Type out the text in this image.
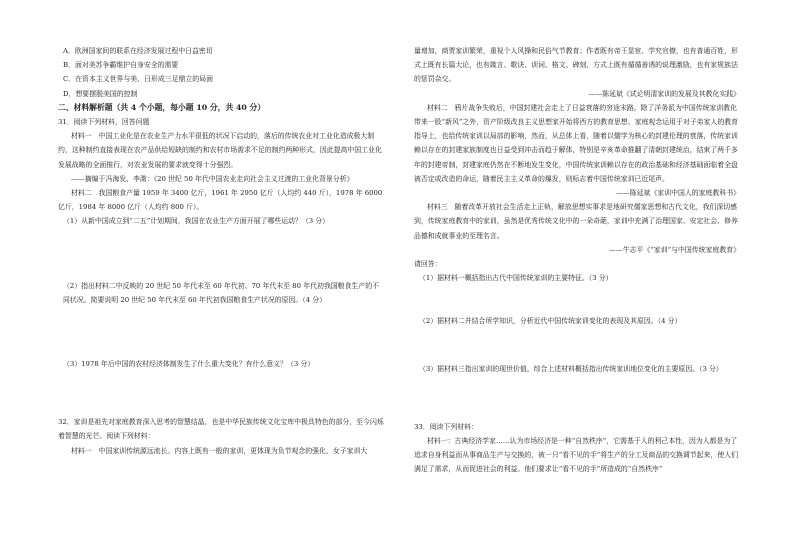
A．欧洲国家间的联系在经济发展过程中日益密切

B．面对美苏争霸维护自身安全的需要

C．在资本主义世界与美、日形成三足鼎立的局面

D．想要摆脱美国的控制

二、材料解析题（共 4 个小题，每小题 10 分，共 40 分）

31．阅读下列材料，回答问题

材料一　中国工业化是在农业生产力水平很低的状况下启动的，落后的传统农业对工业化造成极大制约，这种制约直接表现在农产品供给短缺的制约和农村市场需求不足的制约两种形式，因此提高中国工业化发展战略的全面推行，对农业发展的要求就变得十分强烈。

——摘编于冯海发、李溦：《20 世纪 50 年代中国农业走向社会主义过渡的工业化背景分析》

材料二　我国粮食产量 1959 年 3400 亿斤，1961 年 2950 亿斤（人均约 440 斤），1978 年 6000 亿斤，1984 年 8000 亿斤（人均约 800 斤）。

（1）从新中国成立到“二五”计划期间，我国在农业生产方面开展了哪些运动？（3 分）

（2）指出材料二中反映的 20 世纪 50 年代末至 60 年代初、70 年代末至 80 年代初我国粮食生产的不同状况。简要说明 20 世纪 50 年代末至 60 年代初我国粮食生产状况的原因。（4 分）

（3）1978 年后中国的农村经济体制发生了什么重大变化？有什么意义？（3 分）

32．家训是祖先对家庭教育深入思考的智慧结晶，也是中华民族传统文化宝库中极具特色的部分，至今闪烁着智慧的光芒。阅读下列材料：

材料一　中国家训传统源远流长。内容上既有一般的家训，更体现为负节观念的强化，女子家训大

量增加，商贾家训繁荣，重视个人风操和民俗气节教育；作者既有帝王显宦、学究官僚，也有普通百姓，形式上既有长篇大论，也有箴言、歌诀、训词、格文、碑刻，方式上既有循循善诱的说理激励，也有家规族法的惩罚杂交。

——陈延斌《试论明清家训的发展及其教化实践》

材料二　鸦片战争失败后，中国封建社会走上了日益衰落的穷途末路。除了洋务派为中国传统家训教化带来一股“新风”之外，资产阶级改良主义思想家开始将西方的教育思想、家庭观念运用于对子弟家人的教育指导上，也给传统家训以局部的影响，然而，从总体上看，随着以儒学为核心的封建伦理的衰落，传统家训赖以存在的封建家族制度也日益受到冲击而趋于解体，特别是辛亥革命推翻了清朝封建统治，结束了两千多年的封建帝制，封建家庭仍然在不断地发生变化，中国传统家训赖以存在的政治基础和经济基础面临着全盘被否定或改造的命运，随着民主主义革命的爆发，则标志着中国传统家训已近尾声。

——陈延斌《家训中国人的家庭教科书》

材料三　随着改革开放社会生活走上正轨，解放思想实事求是地研究儒家思想和古代文化，我们深切感到，传统家庭教育中的家训，虽然是优秀传统文化中的一朵奇葩，家训中充满了治理国家、安定社会、修养品德和成就事业的至理名言。

——牛志平《“家训”与中国传统家庭教育》

请回答：

（1）据材料一概括指出古代中国传统家训的主要特征。（3 分）

（2）据材料二并结合所学知识，分析近代中国传统家训变化的表现及其原因。（4 分）

（3）据材料三指出家训的现世价值。综合上述材料概括指出传统家训地位变化的主要原因。（3 分）

33．阅读下列材料：

材料一：古典经济学家……认为市场经济是一种“自然秩序”，它需基于人的利己本性，因为人都是为了追求自身利益而从事商品生产与交换的，被一只“看不见的手”将生产的分工及商品的交换调节起来，使人们满足了需求，从而促进社会的利益。他们要求让“看不见的手”所造成的“自然秩序”
